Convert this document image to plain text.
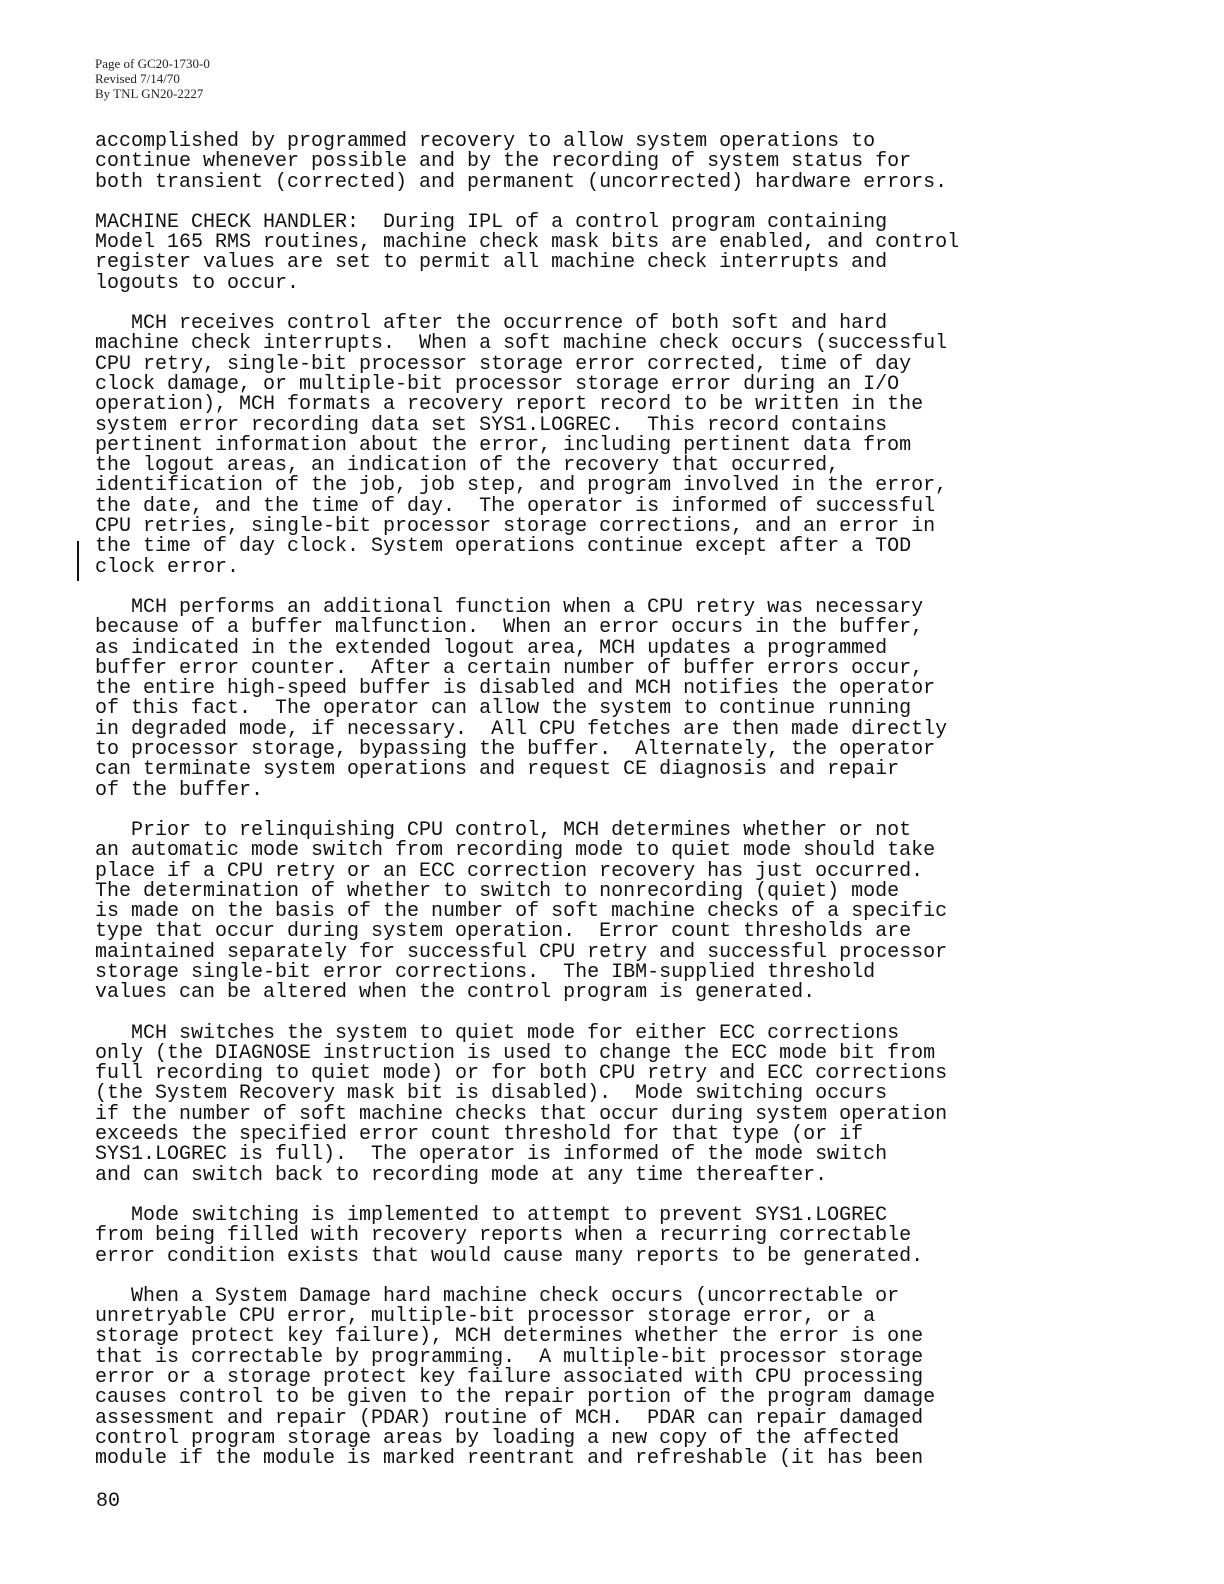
Page of GC20-1730-0
Revised 7/14/70
By TNL GN20-2227
accomplished by programmed recovery to allow system operations to
continue whenever possible and by the recording of system status for
both transient (corrected) and permanent (uncorrected) hardware errors.
MACHINE CHECK HANDLER:  During IPL of a control program containing
Model 165 RMS routines, machine check mask bits are enabled, and control
register values are set to permit all machine check interrupts and
logouts to occur.
MCH receives control after the occurrence of both soft and hard
machine check interrupts.  When a soft machine check occurs (successful
CPU retry, single-bit processor storage error corrected, time of day
clock damage, or multiple-bit processor storage error during an I/O
operation), MCH formats a recovery report record to be written in the
system error recording data set SYS1.LOGREC.  This record contains
pertinent information about the error, including pertinent data from
the logout areas, an indication of the recovery that occurred,
identification of the job, job step, and program involved in the error,
the date, and the time of day.  The operator is informed of successful
CPU retries, single-bit processor storage corrections, and an error in
the time of day clock. System operations continue except after a TOD
clock error.
MCH performs an additional function when a CPU retry was necessary
because of a buffer malfunction.  When an error occurs in the buffer,
as indicated in the extended logout area, MCH updates a programmed
buffer error counter.  After a certain number of buffer errors occur,
the entire high-speed buffer is disabled and MCH notifies the operator
of this fact.  The operator can allow the system to continue running
in degraded mode, if necessary.  All CPU fetches are then made directly
to processor storage, bypassing the buffer.  Alternately, the operator
can terminate system operations and request CE diagnosis and repair
of the buffer.
Prior to relinquishing CPU control, MCH determines whether or not
an automatic mode switch from recording mode to quiet mode should take
place if a CPU retry or an ECC correction recovery has just occurred.
The determination of whether to switch to nonrecording (quiet) mode
is made on the basis of the number of soft machine checks of a specific
type that occur during system operation.  Error count thresholds are
maintained separately for successful CPU retry and successful processor
storage single-bit error corrections.  The IBM-supplied threshold
values can be altered when the control program is generated.
MCH switches the system to quiet mode for either ECC corrections
only (the DIAGNOSE instruction is used to change the ECC mode bit from
full recording to quiet mode) or for both CPU retry and ECC corrections
(the System Recovery mask bit is disabled).  Mode switching occurs
if the number of soft machine checks that occur during system operation
exceeds the specified error count threshold for that type (or if
SYS1.LOGREC is full).  The operator is informed of the mode switch
and can switch back to recording mode at any time thereafter.
Mode switching is implemented to attempt to prevent SYS1.LOGREC
from being filled with recovery reports when a recurring correctable
error condition exists that would cause many reports to be generated.
When a System Damage hard machine check occurs (uncorrectable or
unretryable CPU error, multiple-bit processor storage error, or a
storage protect key failure), MCH determines whether the error is one
that is correctable by programming.  A multiple-bit processor storage
error or a storage protect key failure associated with CPU processing
causes control to be given to the repair portion of the program damage
assessment and repair (PDAR) routine of MCH.  PDAR can repair damaged
control program storage areas by loading a new copy of the affected
module if the module is marked reentrant and refreshable (it has been
80
